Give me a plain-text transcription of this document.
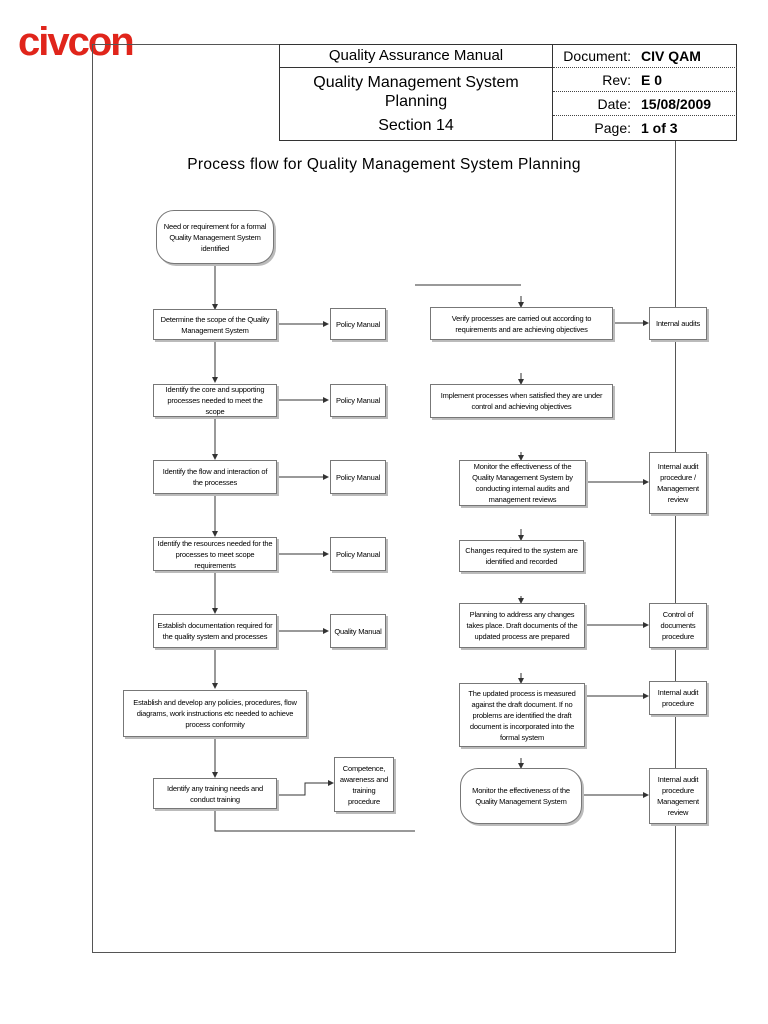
civcon	Quality Assurance Manual
Quality Management System
Planning
Section 14
Document: CIV QAM
Rev: E 0
Date: 15/08/2009
Page: 1 of 3
Process flow for Quality Management System Planning
Need or requirement for a formal Quality Management System identified
Determine the scope of the Quality Management System
Identify the core and supporting processes needed to meet the scope
Identify the flow and interaction of the processes
Identify the resources needed for the processes to meet scope requirements
Establish documentation required for the quality system and processes
Establish and develop any policies, procedures, flow diagrams, work instructions etc needed to achieve process conformity
Identify any training needs and conduct training
Policy Manual
Policy Manual
Policy Manual
Policy Manual
Quality Manual
Competence, awareness and training procedure
Verify processes are carried out according to requirements and are achieving objectives
Implement processes when satisfied they are under control and achieving objectives
Monitor the effectiveness of the Quality Management System by conducting internal audits and management reviews
Changes required to the system are identified and recorded
Planning to address any changes takes place. Draft documents of the updated process are prepared
The updated process is measured against the draft document. If no problems are identified the draft document is incorporated into the formal system
Monitor the effectiveness of the Quality Management System
Internal audits
Internal audit procedure / Management review
Control of documents procedure
Internal audit procedure
Internal audit procedure Management review
